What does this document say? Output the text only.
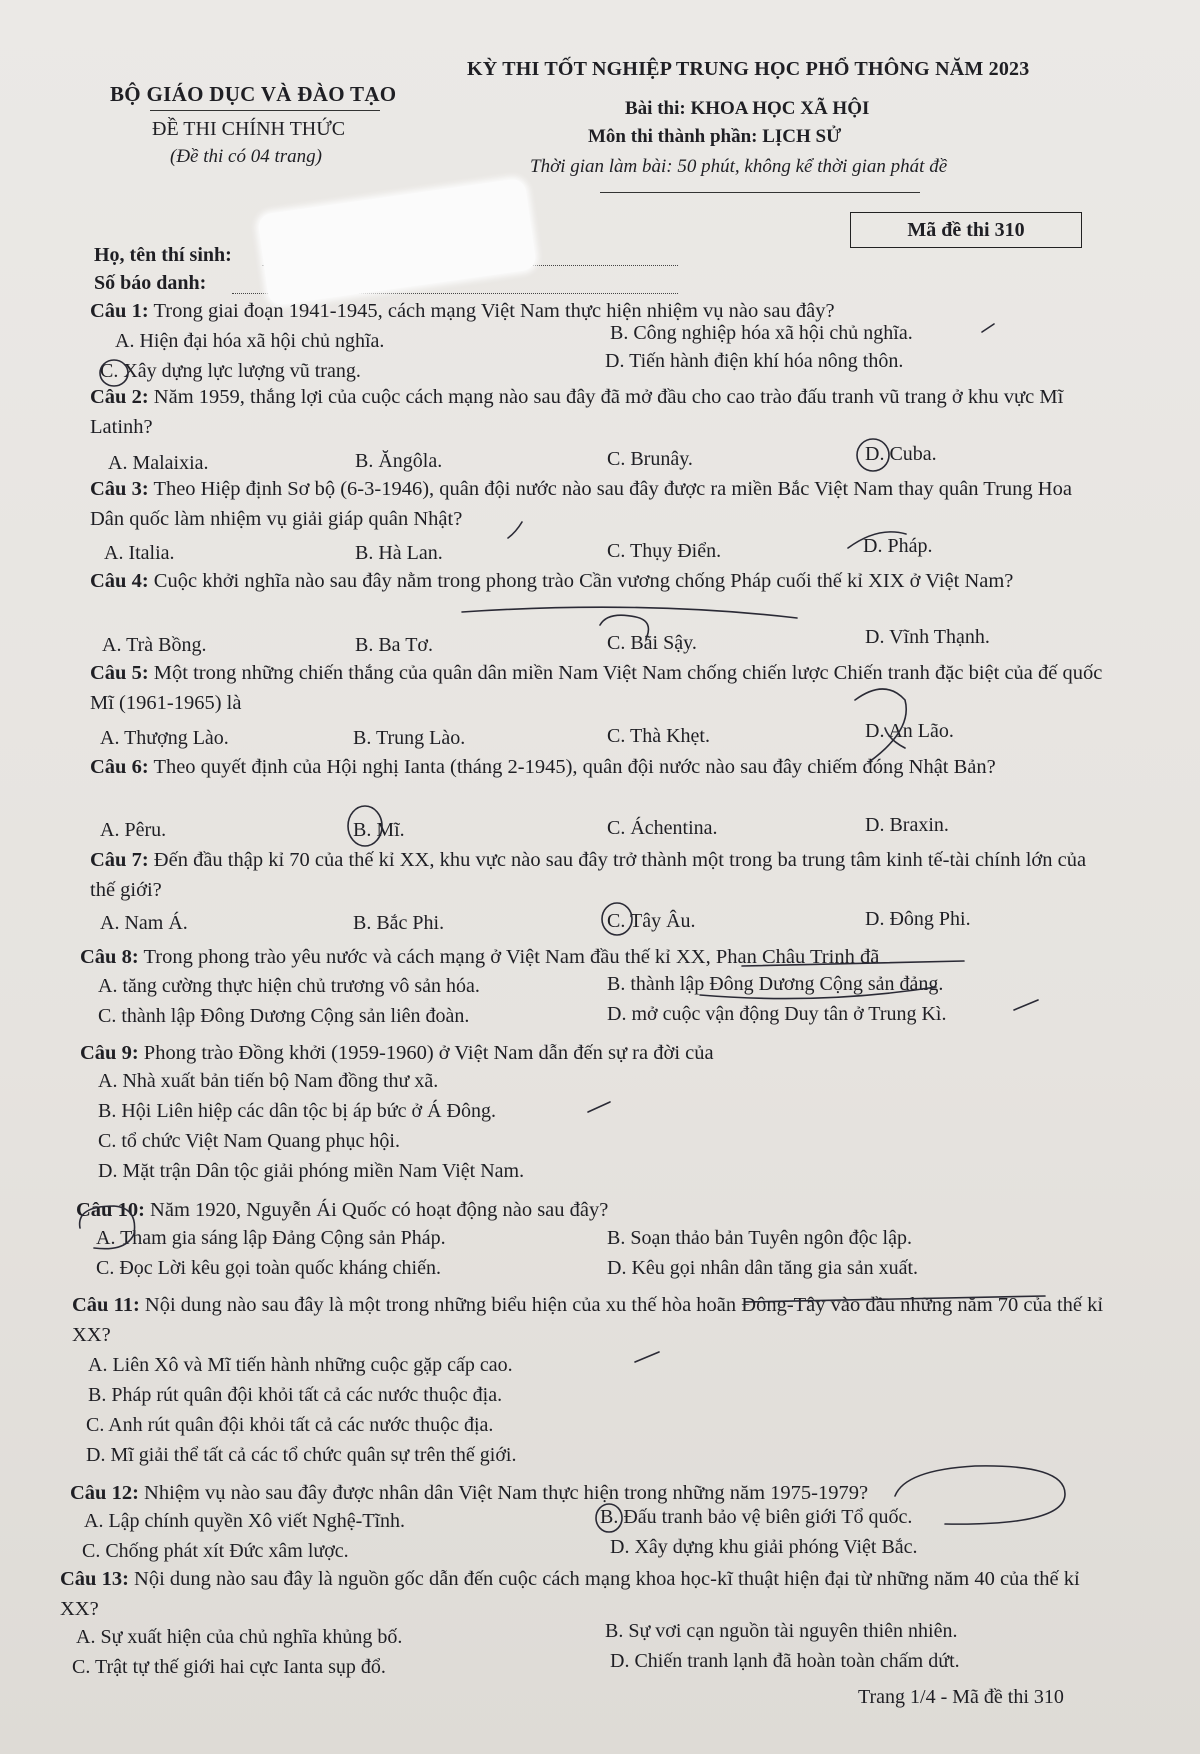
BỘ GIÁO DỤC VÀ ĐÀO TẠO
ĐỀ THI CHÍNH THỨC
(Đề thi có 04 trang)
KỲ THI TỐT NGHIỆP TRUNG HỌC PHỔ THÔNG NĂM 2023
Bài thi: KHOA HỌC XÃ HỘI
Môn thi thành phần: LỊCH SỬ
Thời gian làm bài: 50 phút, không kể thời gian phát đề
Họ, tên thí sinh:
Số báo danh:
Mã đề thi 310
Câu 1: Trong giai đoạn 1941-1945, cách mạng Việt Nam thực hiện nhiệm vụ nào sau đây?
A. Hiện đại hóa xã hội chủ nghĩa.	B. Công nghiệp hóa xã hội chủ nghĩa.
C. Xây dựng lực lượng vũ trang.	D. Tiến hành điện khí hóa nông thôn.
Câu 2: Năm 1959, thắng lợi của cuộc cách mạng nào sau đây đã mở đầu cho cao trào đấu tranh vũ trang ở khu vực Mĩ Latinh?
A. Malaixia.	B. Ăngôla.	C. Brunây.	D. Cuba.
Câu 3: Theo Hiệp định Sơ bộ (6-3-1946), quân đội nước nào sau đây được ra miền Bắc Việt Nam thay quân Trung Hoa Dân quốc làm nhiệm vụ giải giáp quân Nhật?
A. Italia.	B. Hà Lan.	C. Thụy Điển.	D. Pháp.
Câu 4: Cuộc khởi nghĩa nào sau đây nằm trong phong trào Cần vương chống Pháp cuối thế kỉ XIX ở Việt Nam?
A. Trà Bồng.	B. Ba Tơ.	C. Bãi Sậy.	D. Vĩnh Thạnh.
Câu 5: Một trong những chiến thắng của quân dân miền Nam Việt Nam chống chiến lược Chiến tranh đặc biệt của đế quốc Mĩ (1961-1965) là
A. Thượng Lào.	B. Trung Lào.	C. Thà Khẹt.	D. An Lão.
Câu 6: Theo quyết định của Hội nghị Ianta (tháng 2-1945), quân đội nước nào sau đây chiếm đóng Nhật Bản?
A. Pêru.	B. Mĩ.	C. Áchentina.	D. Braxin.
Câu 7: Đến đầu thập kỉ 70 của thế kỉ XX, khu vực nào sau đây trở thành một trong ba trung tâm kinh tế-tài chính lớn của thế giới?
A. Nam Á.	B. Bắc Phi.	C. Tây Âu.	D. Đông Phi.
Câu 8: Trong phong trào yêu nước và cách mạng ở Việt Nam đầu thế kỉ XX, Phan Châu Trinh đã
A. tăng cường thực hiện chủ trương vô sản hóa.	B. thành lập Đông Dương Cộng sản đảng.
C. thành lập Đông Dương Cộng sản liên đoàn.	D. mở cuộc vận động Duy tân ở Trung Kì.
Câu 9: Phong trào Đồng khởi (1959-1960) ở Việt Nam dẫn đến sự ra đời của
A. Nhà xuất bản tiến bộ Nam đồng thư xã.
B. Hội Liên hiệp các dân tộc bị áp bức ở Á Đông.
C. tổ chức Việt Nam Quang phục hội.
D. Mặt trận Dân tộc giải phóng miền Nam Việt Nam.
Câu 10: Năm 1920, Nguyễn Ái Quốc có hoạt động nào sau đây?
A. Tham gia sáng lập Đảng Cộng sản Pháp.	B. Soạn thảo bản Tuyên ngôn độc lập.
C. Đọc Lời kêu gọi toàn quốc kháng chiến.	D. Kêu gọi nhân dân tăng gia sản xuất.
Câu 11: Nội dung nào sau đây là một trong những biểu hiện của xu thế hòa hoãn Đông-Tây vào đầu những năm 70 của thế kỉ XX?
A. Liên Xô và Mĩ tiến hành những cuộc gặp cấp cao.
B. Pháp rút quân đội khỏi tất cả các nước thuộc địa.
C. Anh rút quân đội khỏi tất cả các nước thuộc địa.
D. Mĩ giải thể tất cả các tổ chức quân sự trên thế giới.
Câu 12: Nhiệm vụ nào sau đây được nhân dân Việt Nam thực hiện trong những năm 1975-1979?
A. Lập chính quyền Xô viết Nghệ-Tĩnh.	B. Đấu tranh bảo vệ biên giới Tổ quốc.
C. Chống phát xít Đức xâm lược.	D. Xây dựng khu giải phóng Việt Bắc.
Câu 13: Nội dung nào sau đây là nguồn gốc dẫn đến cuộc cách mạng khoa học-kĩ thuật hiện đại từ những năm 40 của thế kỉ XX?
A. Sự xuất hiện của chủ nghĩa khủng bố.	B. Sự vơi cạn nguồn tài nguyên thiên nhiên.
C. Trật tự thế giới hai cực Ianta sụp đổ.	D. Chiến tranh lạnh đã hoàn toàn chấm dứt.
Trang 1/4 - Mã đề thi 310
